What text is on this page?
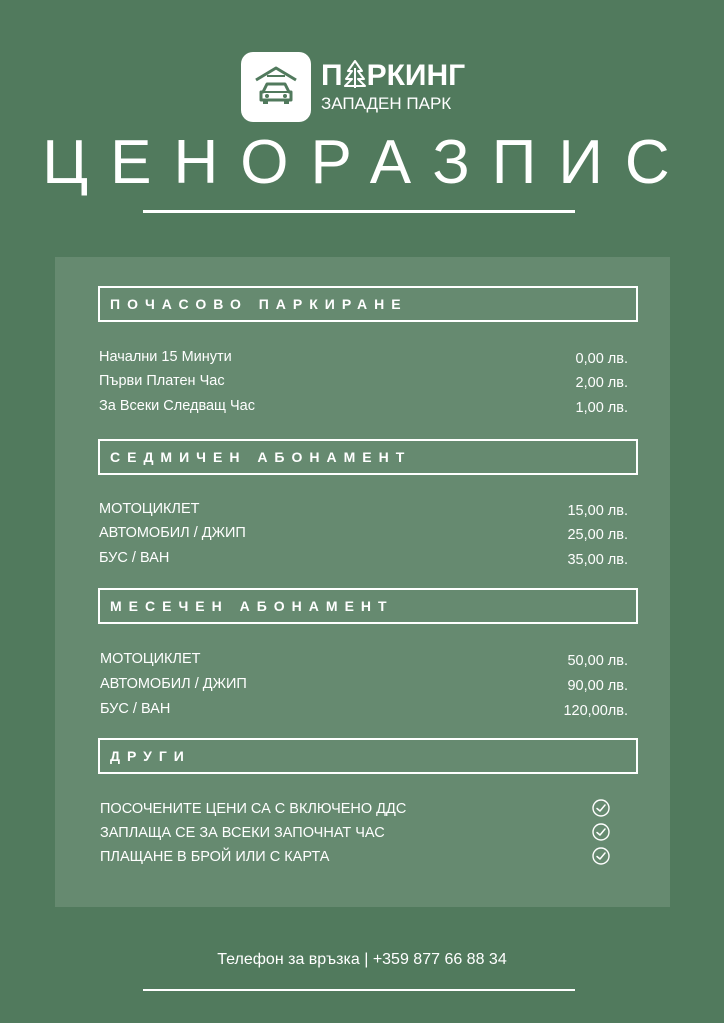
П РКИНГ
ЗАПАДЕН ПАРК
ЦЕНОРАЗПИС
ПОЧАСОВО ПАРКИРАНЕ
Начални 15 Минути	0,00 лв.
Първи Платен Час	2,00 лв.
За Всеки Следващ Час	1,00 лв.
СЕДМИЧЕН АБОНАМЕНТ
МОТОЦИКЛЕТ	15,00 лв.
АВТОМОБИЛ / ДЖИП	25,00 лв.
БУС / ВАН	35,00 лв.
МЕСЕЧЕН АБОНАМЕНТ
МОТОЦИКЛЕТ	50,00 лв.
АВТОМОБИЛ / ДЖИП	90,00 лв.
БУС / ВАН	120,00лв.
ДРУГИ
ПОСОЧЕНИТЕ ЦЕНИ СА С ВКЛЮЧЕНО ДДС
ЗАПЛАЩА СЕ ЗА ВСЕКИ ЗАПОЧНАТ ЧАС
ПЛАЩАНЕ В БРОЙ ИЛИ С КАРТА
Телефон за връзка | +359 877 66 88 34
